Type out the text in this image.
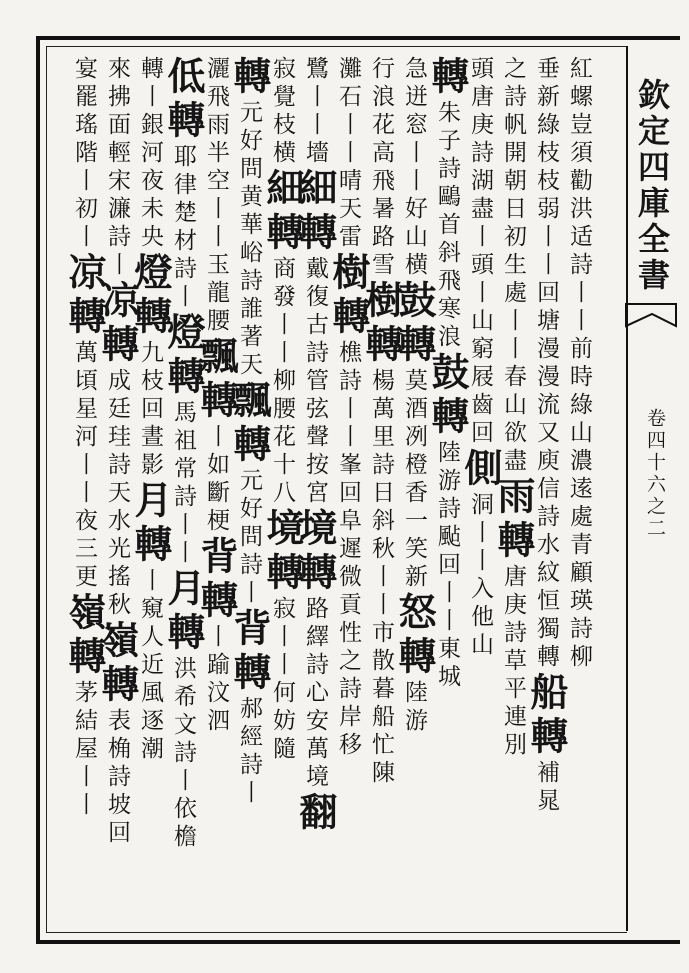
欽定四庫全書
卷四十六之二
紅螺豈須勸洪适詩丨丨前時綠山濃逺處青顧瑛詩柳
垂新綠枝枝弱丨丨回塘漫漫流又庾信詩水紋恒獨轉船轉補晁
之詩帆開朝日初生處丨丨春山欲盡雨轉唐庚詩草平連別
頭唐庚詩湖盡丨頭丨山窮屐齒回側洞丨丨入他山
轉朱子詩鷗首斜飛寒浪鼓轉陸游詩颭回丨丨東城
急迸窓丨丨好山横鼓轉莫酒冽橙香一笑新怒轉陸游
行浪花高飛暑路雪樹轉楊萬里詩日斜秋丨丨市散暮船忙陳
灘石丨丨晴天雷樹轉樵詩丨丨峯回阜遲微貢性之詩岸移
鷺丨丨墻細轉戴復古詩管弦聲按宮境轉路繹詩心安萬境翻
寂覺枝横細轉商發丨丨柳腰花十八境轉寂丨丨何妨隨
轉元好問黄華峪詩誰著天飄轉元好問詩丨背轉郝經詩丨
灑飛雨半空丨丨玉龍腰飄轉丨如斷梗背轉丨踰汶泗
低轉耶律楚材詩丨燈轉馬祖常詩丨丨月轉洪希文詩丨依檐
轉丨銀河夜未央燈轉九枝回晝影月轉丨窺人近風逐潮
來拂面輕宋濂詩丨凉轉成廷珪詩天水光搖秋嶺轉表桷詩坡回
宴罷瑤階丨初丨凉轉萬頃星河丨丨夜三更嶺轉茅結屋丨丨
